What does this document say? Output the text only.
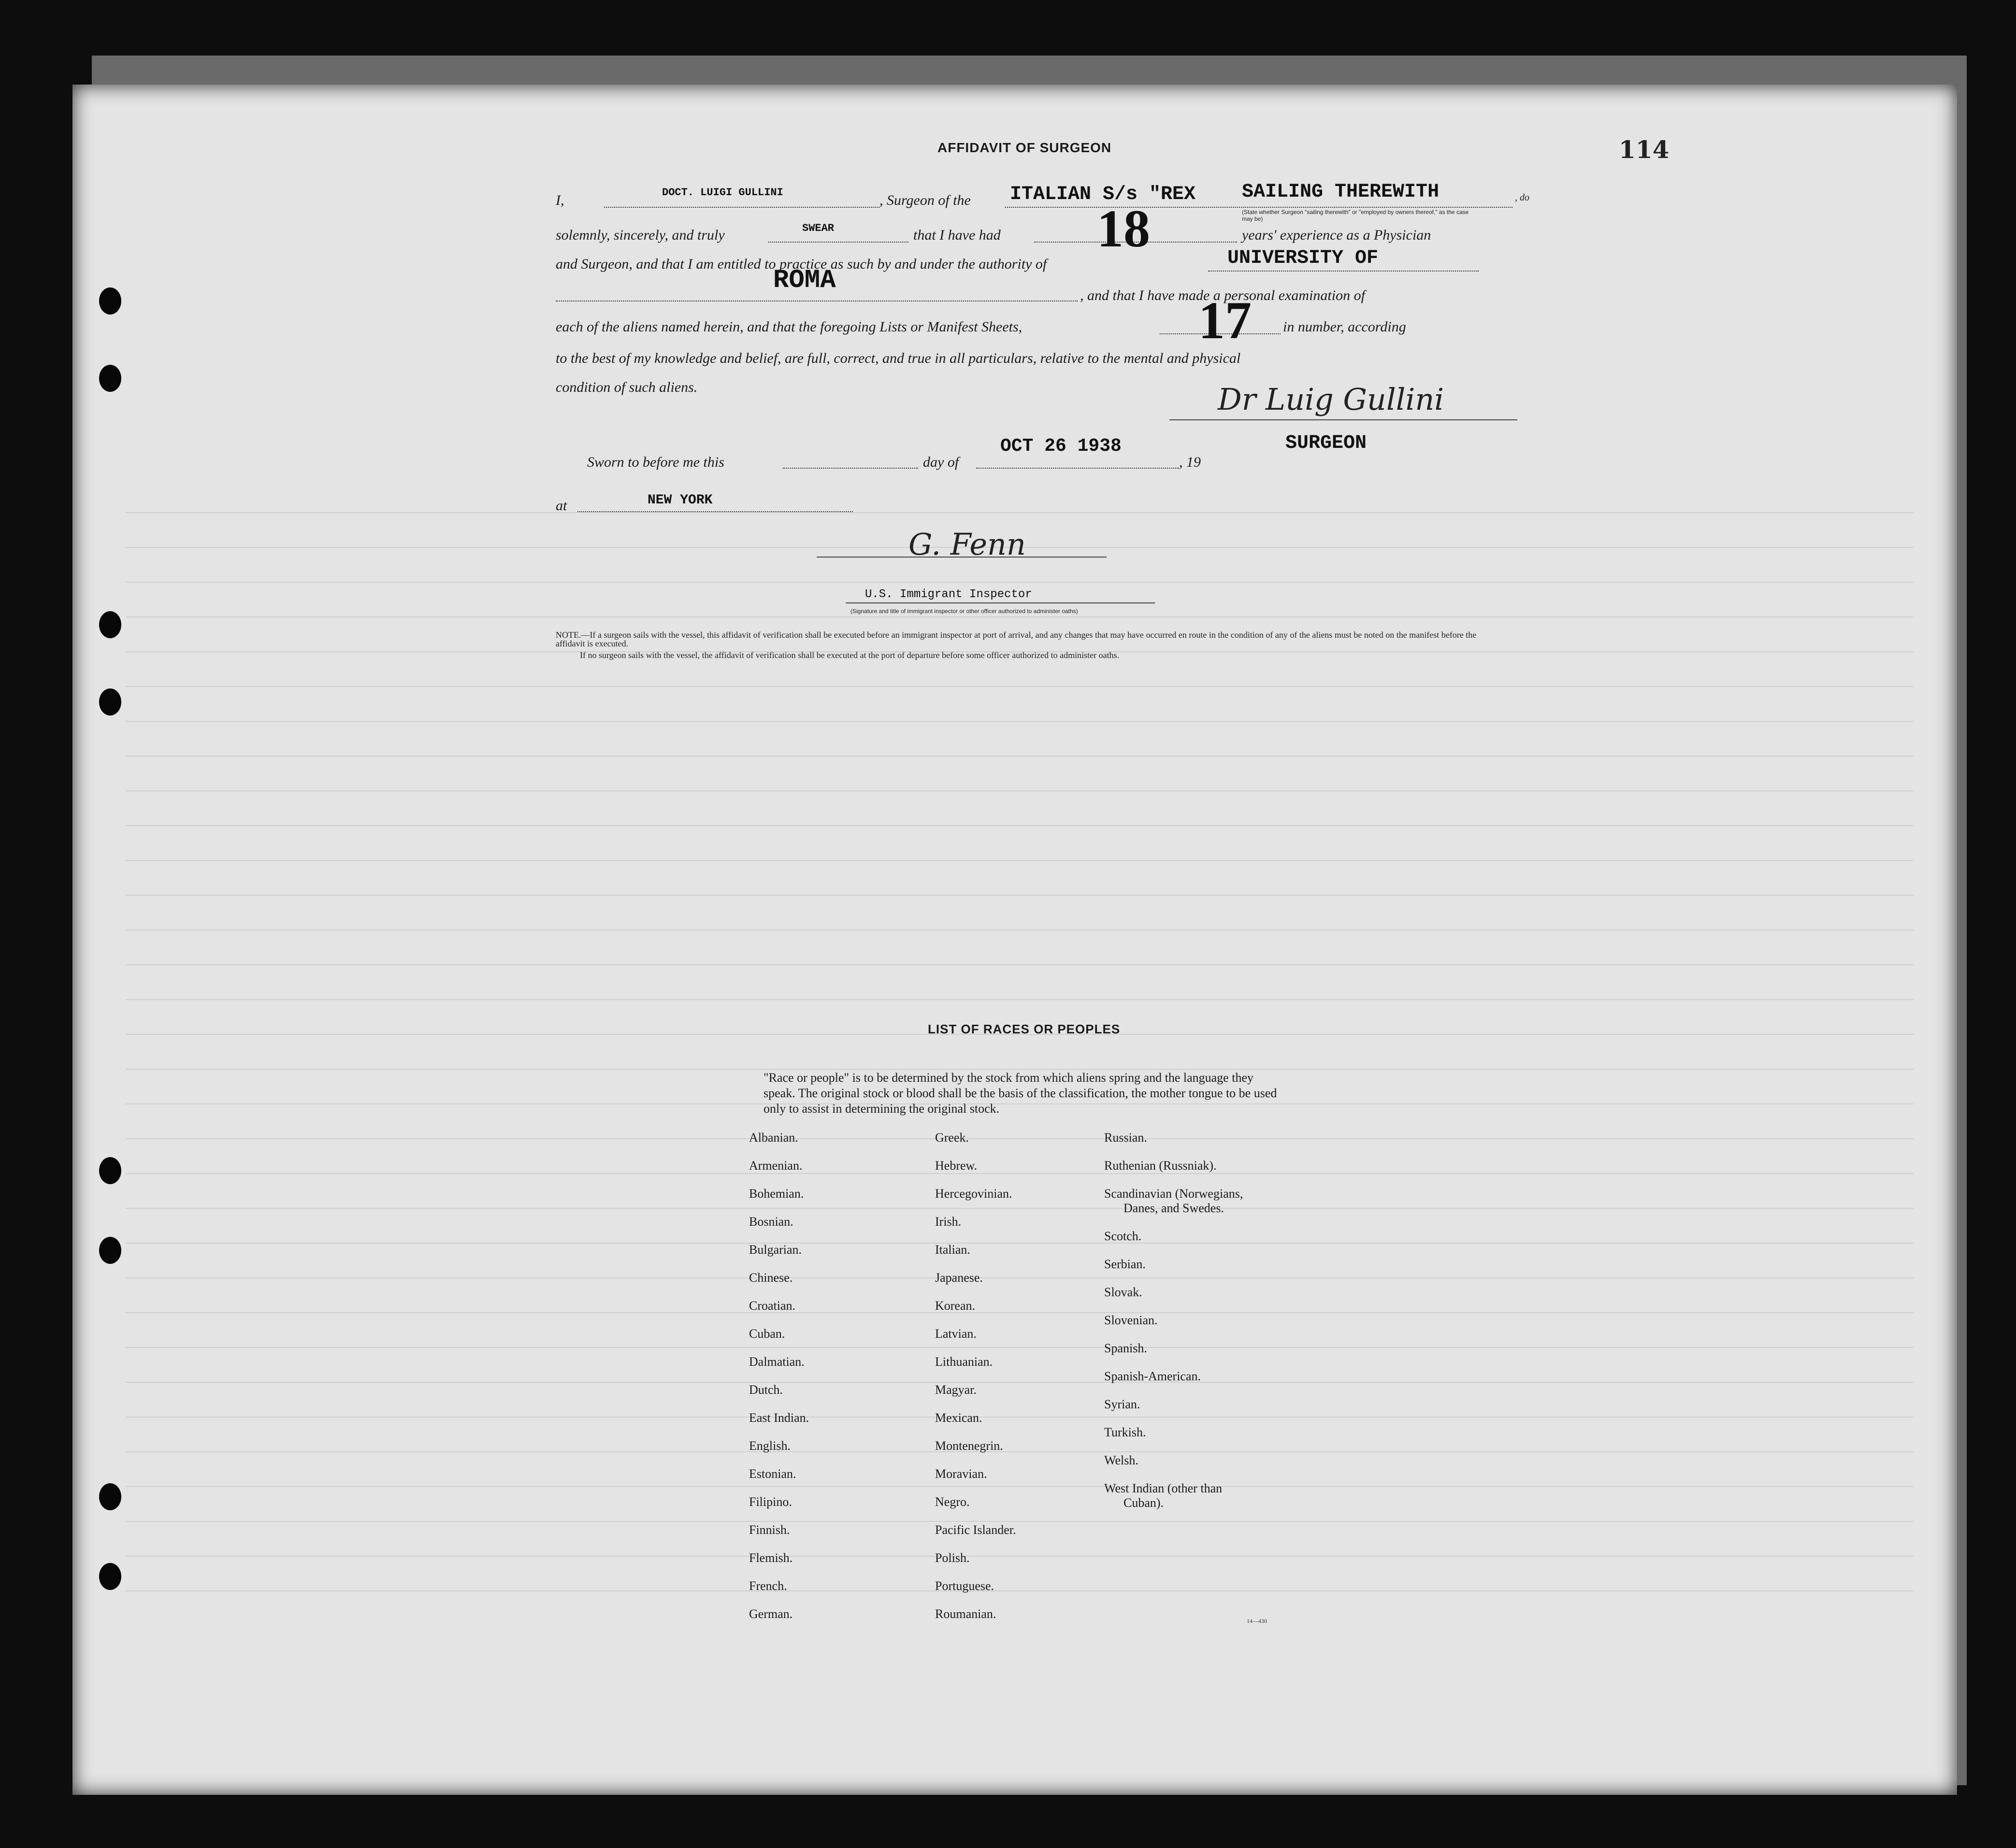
114
AFFIDAVIT OF SURGEON
I,	DOCT. LUIGI GULLINI	, Surgeon of the ITALIAN S/s "REX SAILING THEREWITH	, do
(State whether Surgeon "sailing therewith" or "employed by owners thereof," as the case may be)
solemnly, sincerely, and truly	SWEAR	that I have had 18	years' experience as a Physician
and Surgeon, and that I am entitled to practice as such by and under the authority of	UNIVERSITY OF
ROMA
, and that I have made a personal examination of
each of the aliens named herein, and that the foregoing Lists or Manifest Sheets,	17 in number, according
to the best of my knowledge and belief, are full, correct, and true in all particulars, relative to the mental and physical
condition of such aliens.	Dr Luig Gullini
SURGEON
Sworn to before me this	day of
OCT 26 1938
, 19
at	NEW YORK
G. Fenn
U.S. Immigrant Inspector
(Signature and title of immigrant inspector or other officer authorized to administer oaths)
NOTE.—If a surgeon sails with the vessel, this affidavit of verification shall be executed before an immigrant inspector at port of arrival, and any changes that may have occurred en route in the condition of any of the aliens must be noted on the manifest before the affidavit is executed.
If no surgeon sails with the vessel, the affidavit of verification shall be executed at the port of departure before some officer authorized to administer oaths.
LIST OF RACES OR PEOPLES
"Race or people" is to be determined by the stock from which aliens spring and the language they speak. The original stock or blood shall be the basis of the classification, the mother tongue to be used only to assist in determining the original stock.
Albanian.
Armenian.
Bohemian.
Bosnian.
Bulgarian.
Chinese.
Croatian.
Cuban.
Dalmatian.
Dutch.
East Indian.
English.
Estonian.
Filipino.
Finnish.
Flemish.
French.
German.
Greek.
Hebrew.
Hercegovinian.
Irish.
Italian.
Japanese.
Korean.
Latvian.
Lithuanian.
Magyar.
Mexican.
Montenegrin.
Moravian.
Negro.
Pacific Islander.
Polish.
Portuguese.
Roumanian.
Russian.
Ruthenian (Russniak).
Scandinavian (Norwegians,
Danes, and Swedes.
Scotch.
Serbian.
Slovak.
Slovenian.
Spanish.
Spanish-American.
Syrian.
Turkish.
Welsh.
West Indian (other than
Cuban).
14—430
